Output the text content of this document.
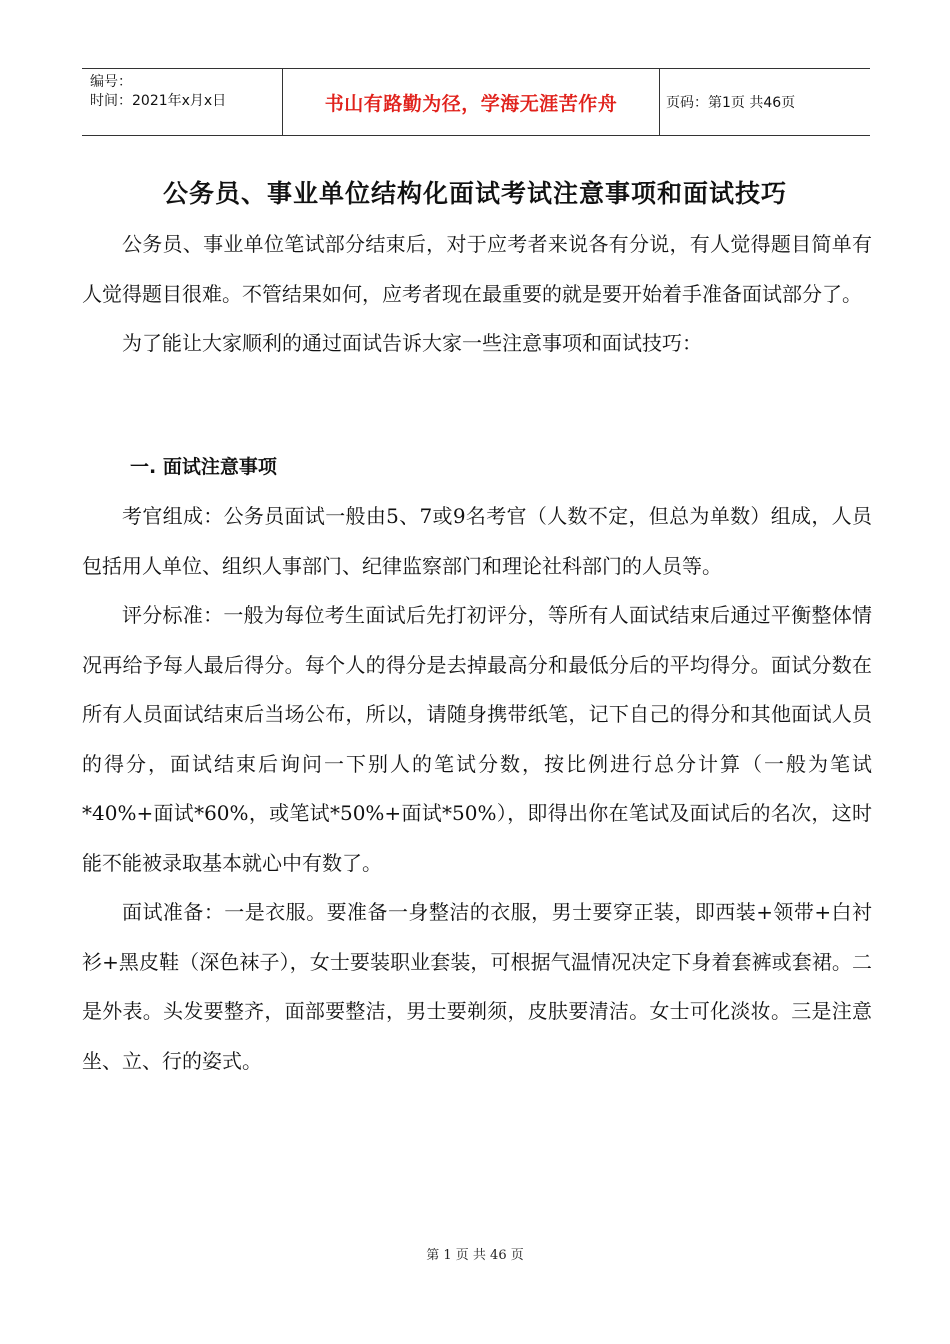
编号：
时间：2021年x月x日	书山有路勤为径，学海无涯苦作舟	页码：第1页 共46页
公务员、事业单位结构化面试考试注意事项和面试技巧

公务员、事业单位笔试部分结束后，对于应考者来说各有分说，有人觉得题目简单有人觉得题目很难。不管结果如何，应考者现在最重要的就是要开始着手准备面试部分了。

为了能让大家顺利的通过面试告诉大家一些注意事项和面试技巧：

一. 面试注意事项

考官组成：公务员面试一般由5、7或9名考官（人数不定，但总为单数）组成，人员包括用人单位、组织人事部门、纪律监察部门和理论社科部门的人员等。

评分标准：一般为每位考生面试后先打初评分，等所有人面试结束后通过平衡整体情况再给予每人最后得分。每个人的得分是去掉最高分和最低分后的平均得分。面试分数在所有人员面试结束后当场公布，所以，请随身携带纸笔，记下自己的得分和其他面试人员的得分，面试结束后询问一下别人的笔试分数，按比例进行总分计算（一般为笔试*40%+面试*60%，或笔试*50%+面试*50%），即得出你在笔试及面试后的名次，这时能不能被录取基本就心中有数了。

面试准备：一是衣服。要准备一身整洁的衣服，男士要穿正装，即西装+领带+白衬衫+黑皮鞋（深色袜子），女士要装职业套装，可根据气温情况决定下身着套裤或套裙。二是外表。头发要整齐，面部要整洁，男士要剃须，皮肤要清洁。女士可化淡妆。三是注意坐、立、行的姿式。

第 1 页 共 46 页
